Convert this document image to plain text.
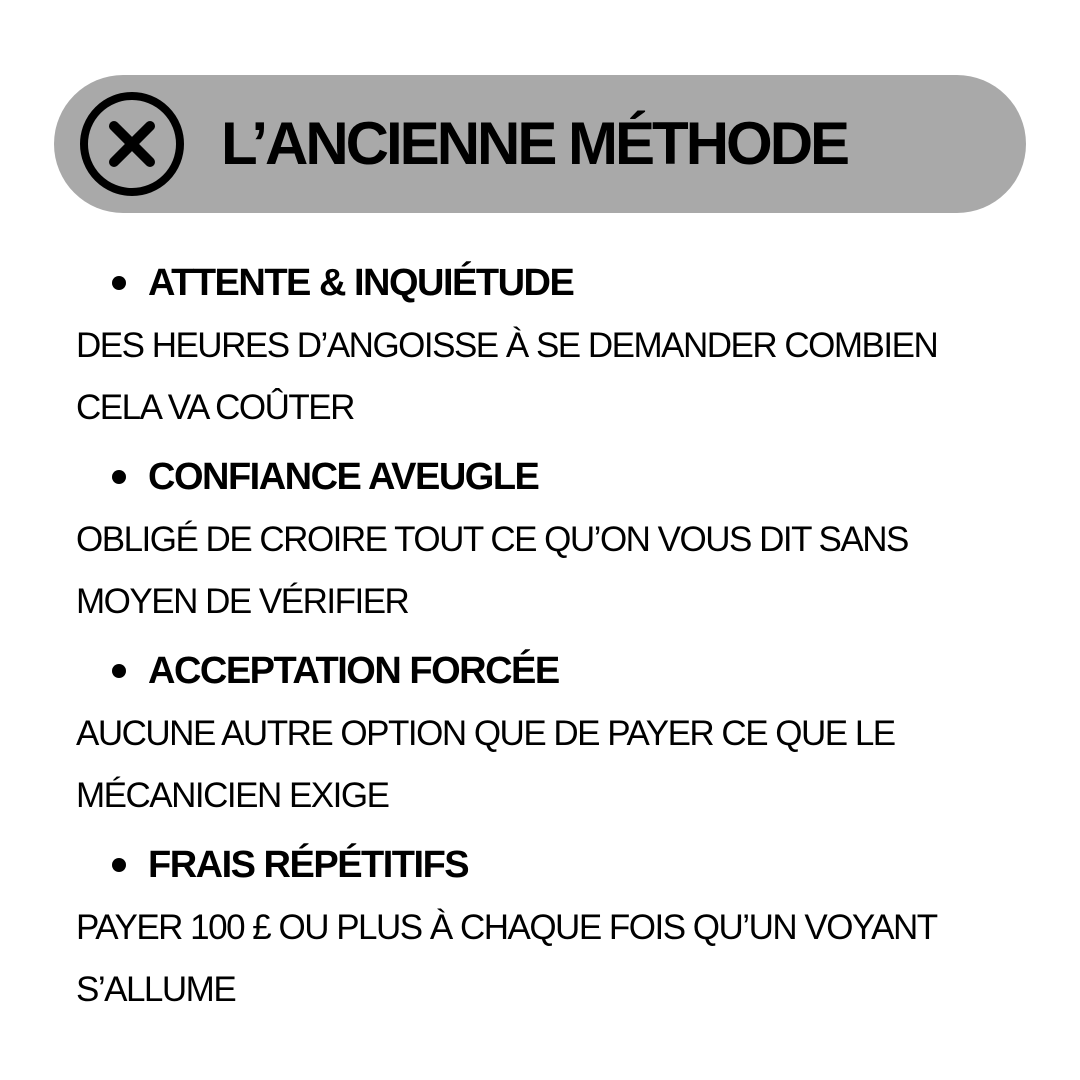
L’ANCIENNE MÉTHODE
ATTENTE & INQUIÉTUDE
DES HEURES D’ANGOISSE À SE DEMANDER COMBIEN CELA VA COÛTER
CONFIANCE AVEUGLE
OBLIGÉ DE CROIRE TOUT CE QU’ON VOUS DIT SANS MOYEN DE VÉRIFIER
ACCEPTATION FORCÉE
AUCUNE AUTRE OPTION QUE DE PAYER CE QUE LE MÉCANICIEN EXIGE
FRAIS RÉPÉTITIFS
PAYER 100 £ OU PLUS À CHAQUE FOIS QU’UN VOYANT S’ALLUME
